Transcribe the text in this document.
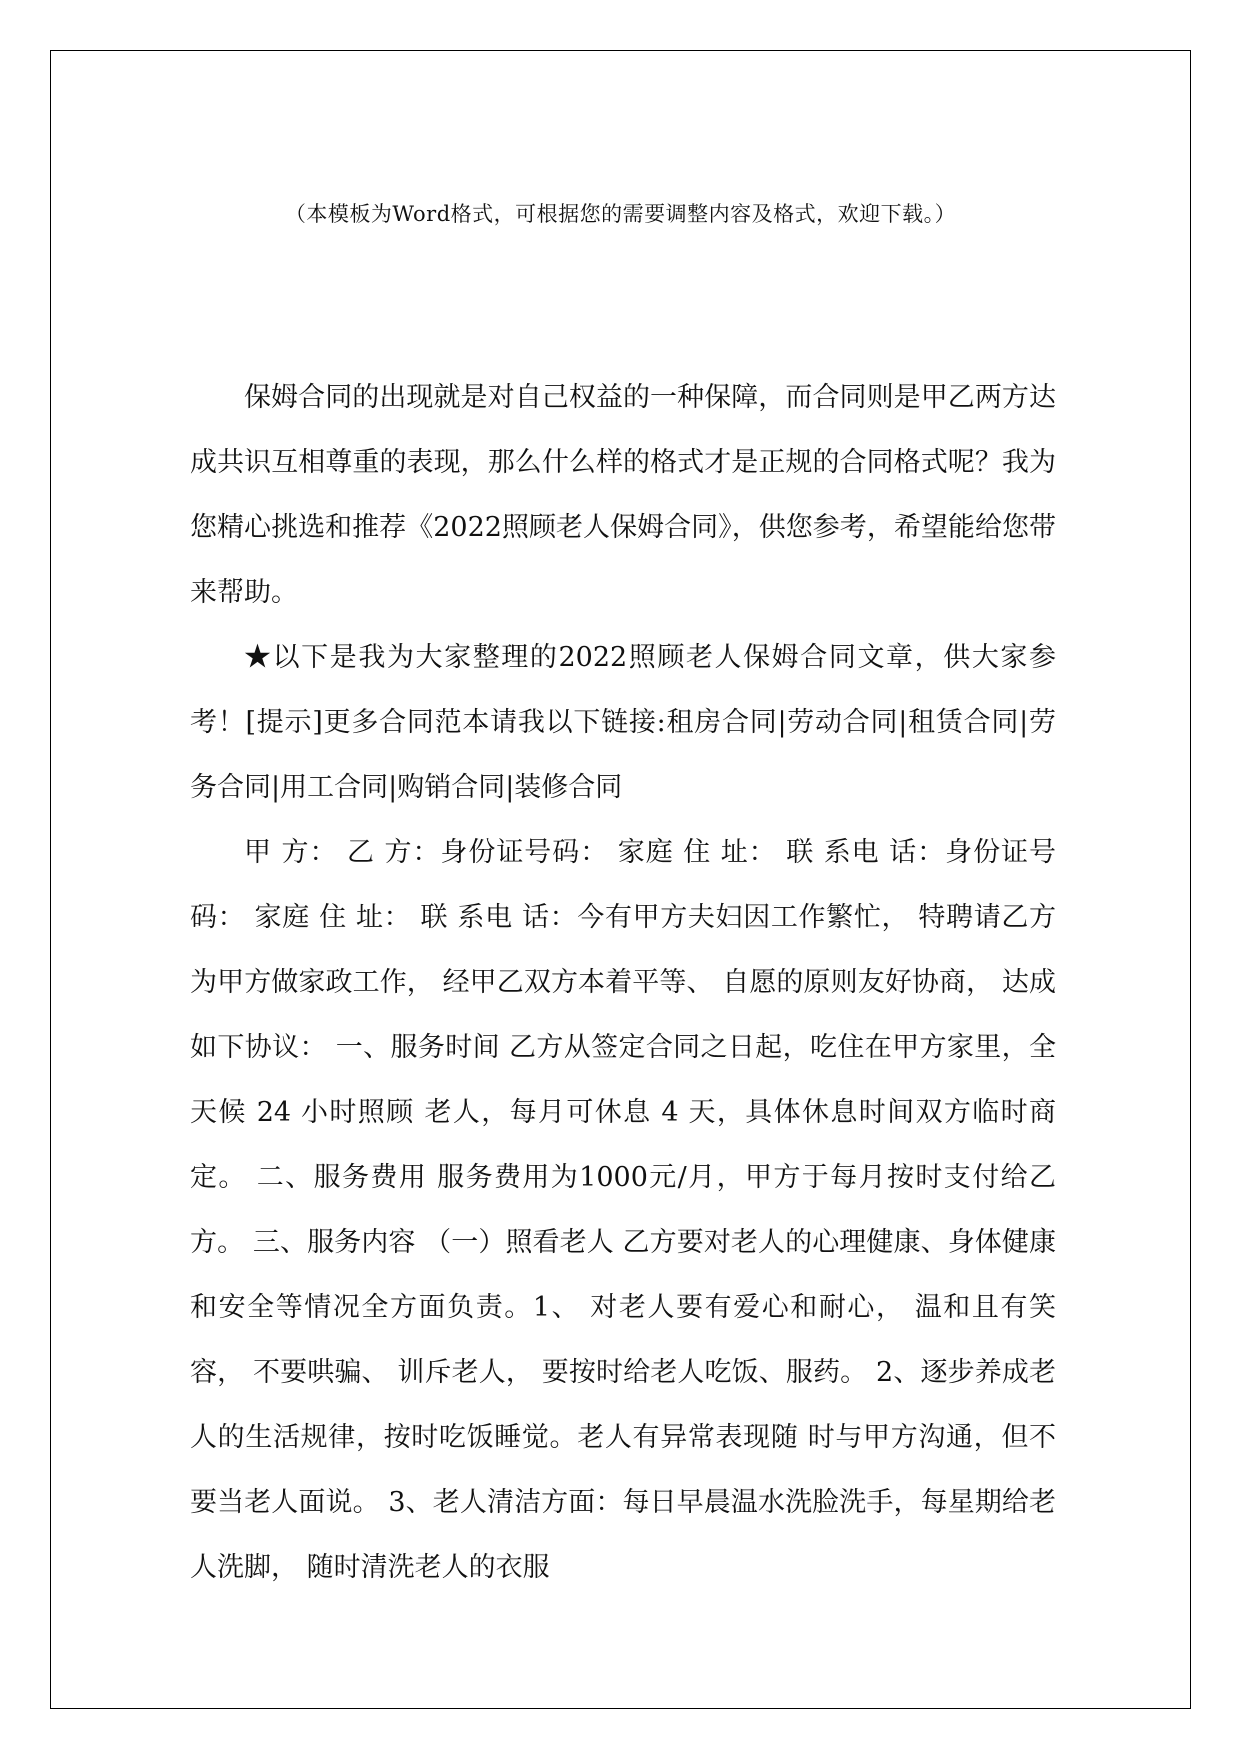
（本模板为Word格式，可根据您的需要调整内容及格式，欢迎下载。）

保姆合同的出现就是对自己权益的一种保障，而合同则是甲乙两方达成共识互相尊重的表现，那么什么样的格式才是正规的合同格式呢？我为您精心挑选和推荐《2022照顾老人保姆合同》，供您参考，希望能给您带来帮助。

★以下是我为大家整理的2022照顾老人保姆合同文章，供大家参考！[提示]更多合同范本请我以下链接:租房合同|劳动合同|租赁合同|劳务合同|用工合同|购销合同|装修合同

甲 方： 乙 方：身份证号码： 家庭 住 址： 联 系电 话：身份证号码： 家庭 住 址： 联 系电 话：今有甲方夫妇因工作繁忙， 特聘请乙方为甲方做家政工作， 经甲乙双方本着平等、 自愿的原则友好协商， 达成如下协议： 一、服务时间 乙方从签定合同之日起，吃住在甲方家里，全天候 24 小时照顾 老人，每月可休息 4 天，具体休息时间双方临时商定。 二、服务费用 服务费用为1000元/月，甲方于每月按时支付给乙方。 三、服务内容 （一）照看老人 乙方要对老人的心理健康、身体健康和安全等情况全方面负责。1、 对老人要有爱心和耐心， 温和且有笑容， 不要哄骗、 训斥老人， 要按时给老人吃饭、服药。 2、逐步养成老人的生活规律，按时吃饭睡觉。老人有异常表现随 时与甲方沟通，但不要当老人面说。 3、老人清洁方面：每日早晨温水洗脸洗手，每星期给老人洗脚， 随时清洗老人的衣服
